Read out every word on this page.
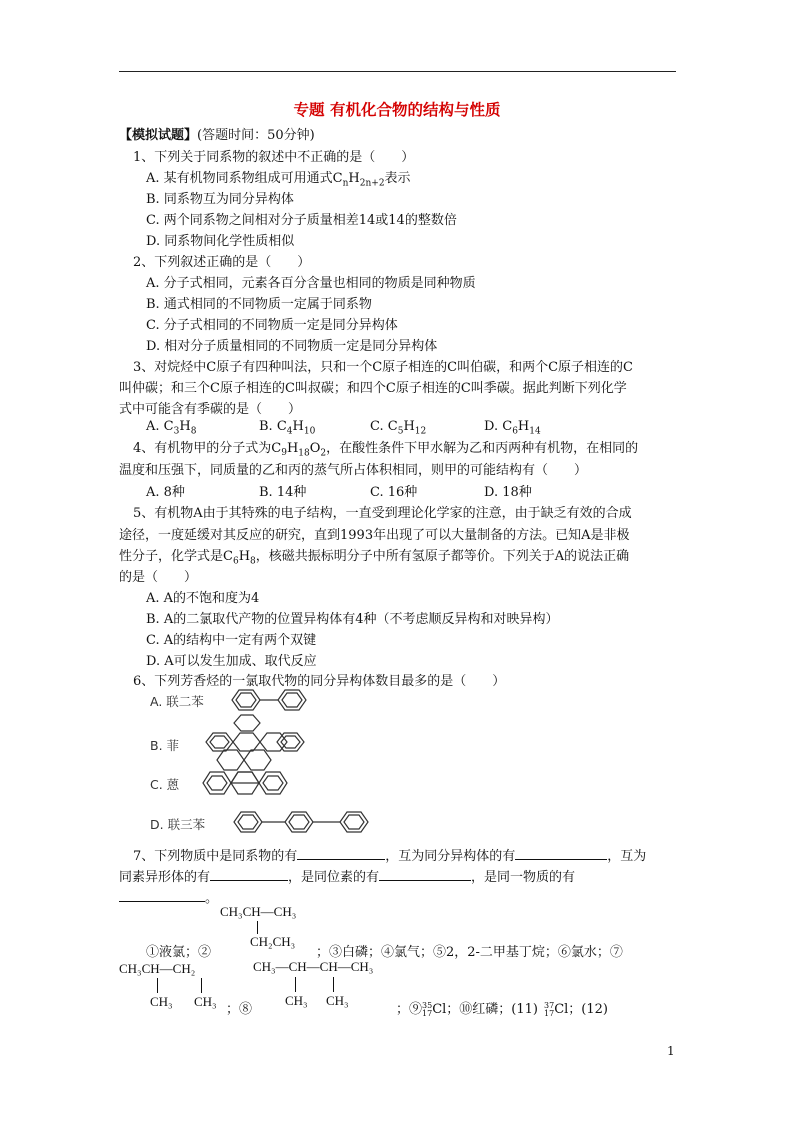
专题 有机化合物的结构与性质
【模拟试题】(答题时间：50分钟)
1、下列关于同系物的叙述中不正确的是（　　）
A. 某有机物同系物组成可用通式$C_nH_{2n+2}$表示
B. 同系物互为同分异构体
C. 两个同系物之间相对分子质量相差14或14的整数倍
D. 同系物间化学性质相似
2、下列叙述正确的是（　　）
A. 分子式相同，元素各百分含量也相同的物质是同种物质
B. 通式相同的不同物质一定属于同系物
C. 分子式相同的不同物质一定是同分异构体
D. 相对分子质量相同的不同物质一定是同分异构体
3、对烷烃中C原子有四种叫法，只和一个C原子相连的C叫伯碳，和两个C原子相连的C
叫仲碳；和三个C原子相连的C叫叔碳；和四个C原子相连的C叫季碳。据此判断下列化学
式中可能含有季碳的是（　　）
A. $C_3H_8$	B. $C_4H_{10}$	C. $C_5H_{12}$	D. $C_6H_{14}$
4、有机物甲的分子式为$C_9H_{18}O_2$，在酸性条件下甲水解为乙和丙两种有机物，在相同的
温度和压强下，同质量的乙和丙的蒸气所占体积相同，则甲的可能结构有（　　）
A. 8种	B. 14种	C. 16种	D. 18种
5、有机物A由于其特殊的电子结构，一直受到理论化学家的注意，由于缺乏有效的合成
途径，一度延缓对其反应的研究，直到1993年出现了可以大量制备的方法。已知A是非极
性分子，化学式是$C_6H_8$，核磁共振标明分子中所有氢原子都等价。下列关于A的说法正确
的是（　　）
A. A的不饱和度为4
B. A的二氯取代产物的位置异构体有4种（不考虑顺反异构和对映异构）
C. A的结构中一定有两个双键
D. A可以发生加成、取代反应
6、下列芳香烃的一氯取代物的同分异构体数目最多的是（　　）
A. 联二苯
B. 菲
C. 蒽
D. 联三苯
7、下列物质中是同系物的有	，互为同分异构体的有	，互为
同素异形体的有	，是同位素的有	，是同一物质的有
。
CH₃CH—CH₃
CH₂CH₃
①液氯；②	；③白磷；④氯气；⑤2，2-二甲基丁烷；⑥氯水；⑦
CH₃CH—CH₂
CH₃ CH₃
；⑧
CH₃—CH—CH—CH₃
CH₃ CH₃
；⑨35
17Cl；⑩红磷；(11) 37
17Cl；(12)
1
